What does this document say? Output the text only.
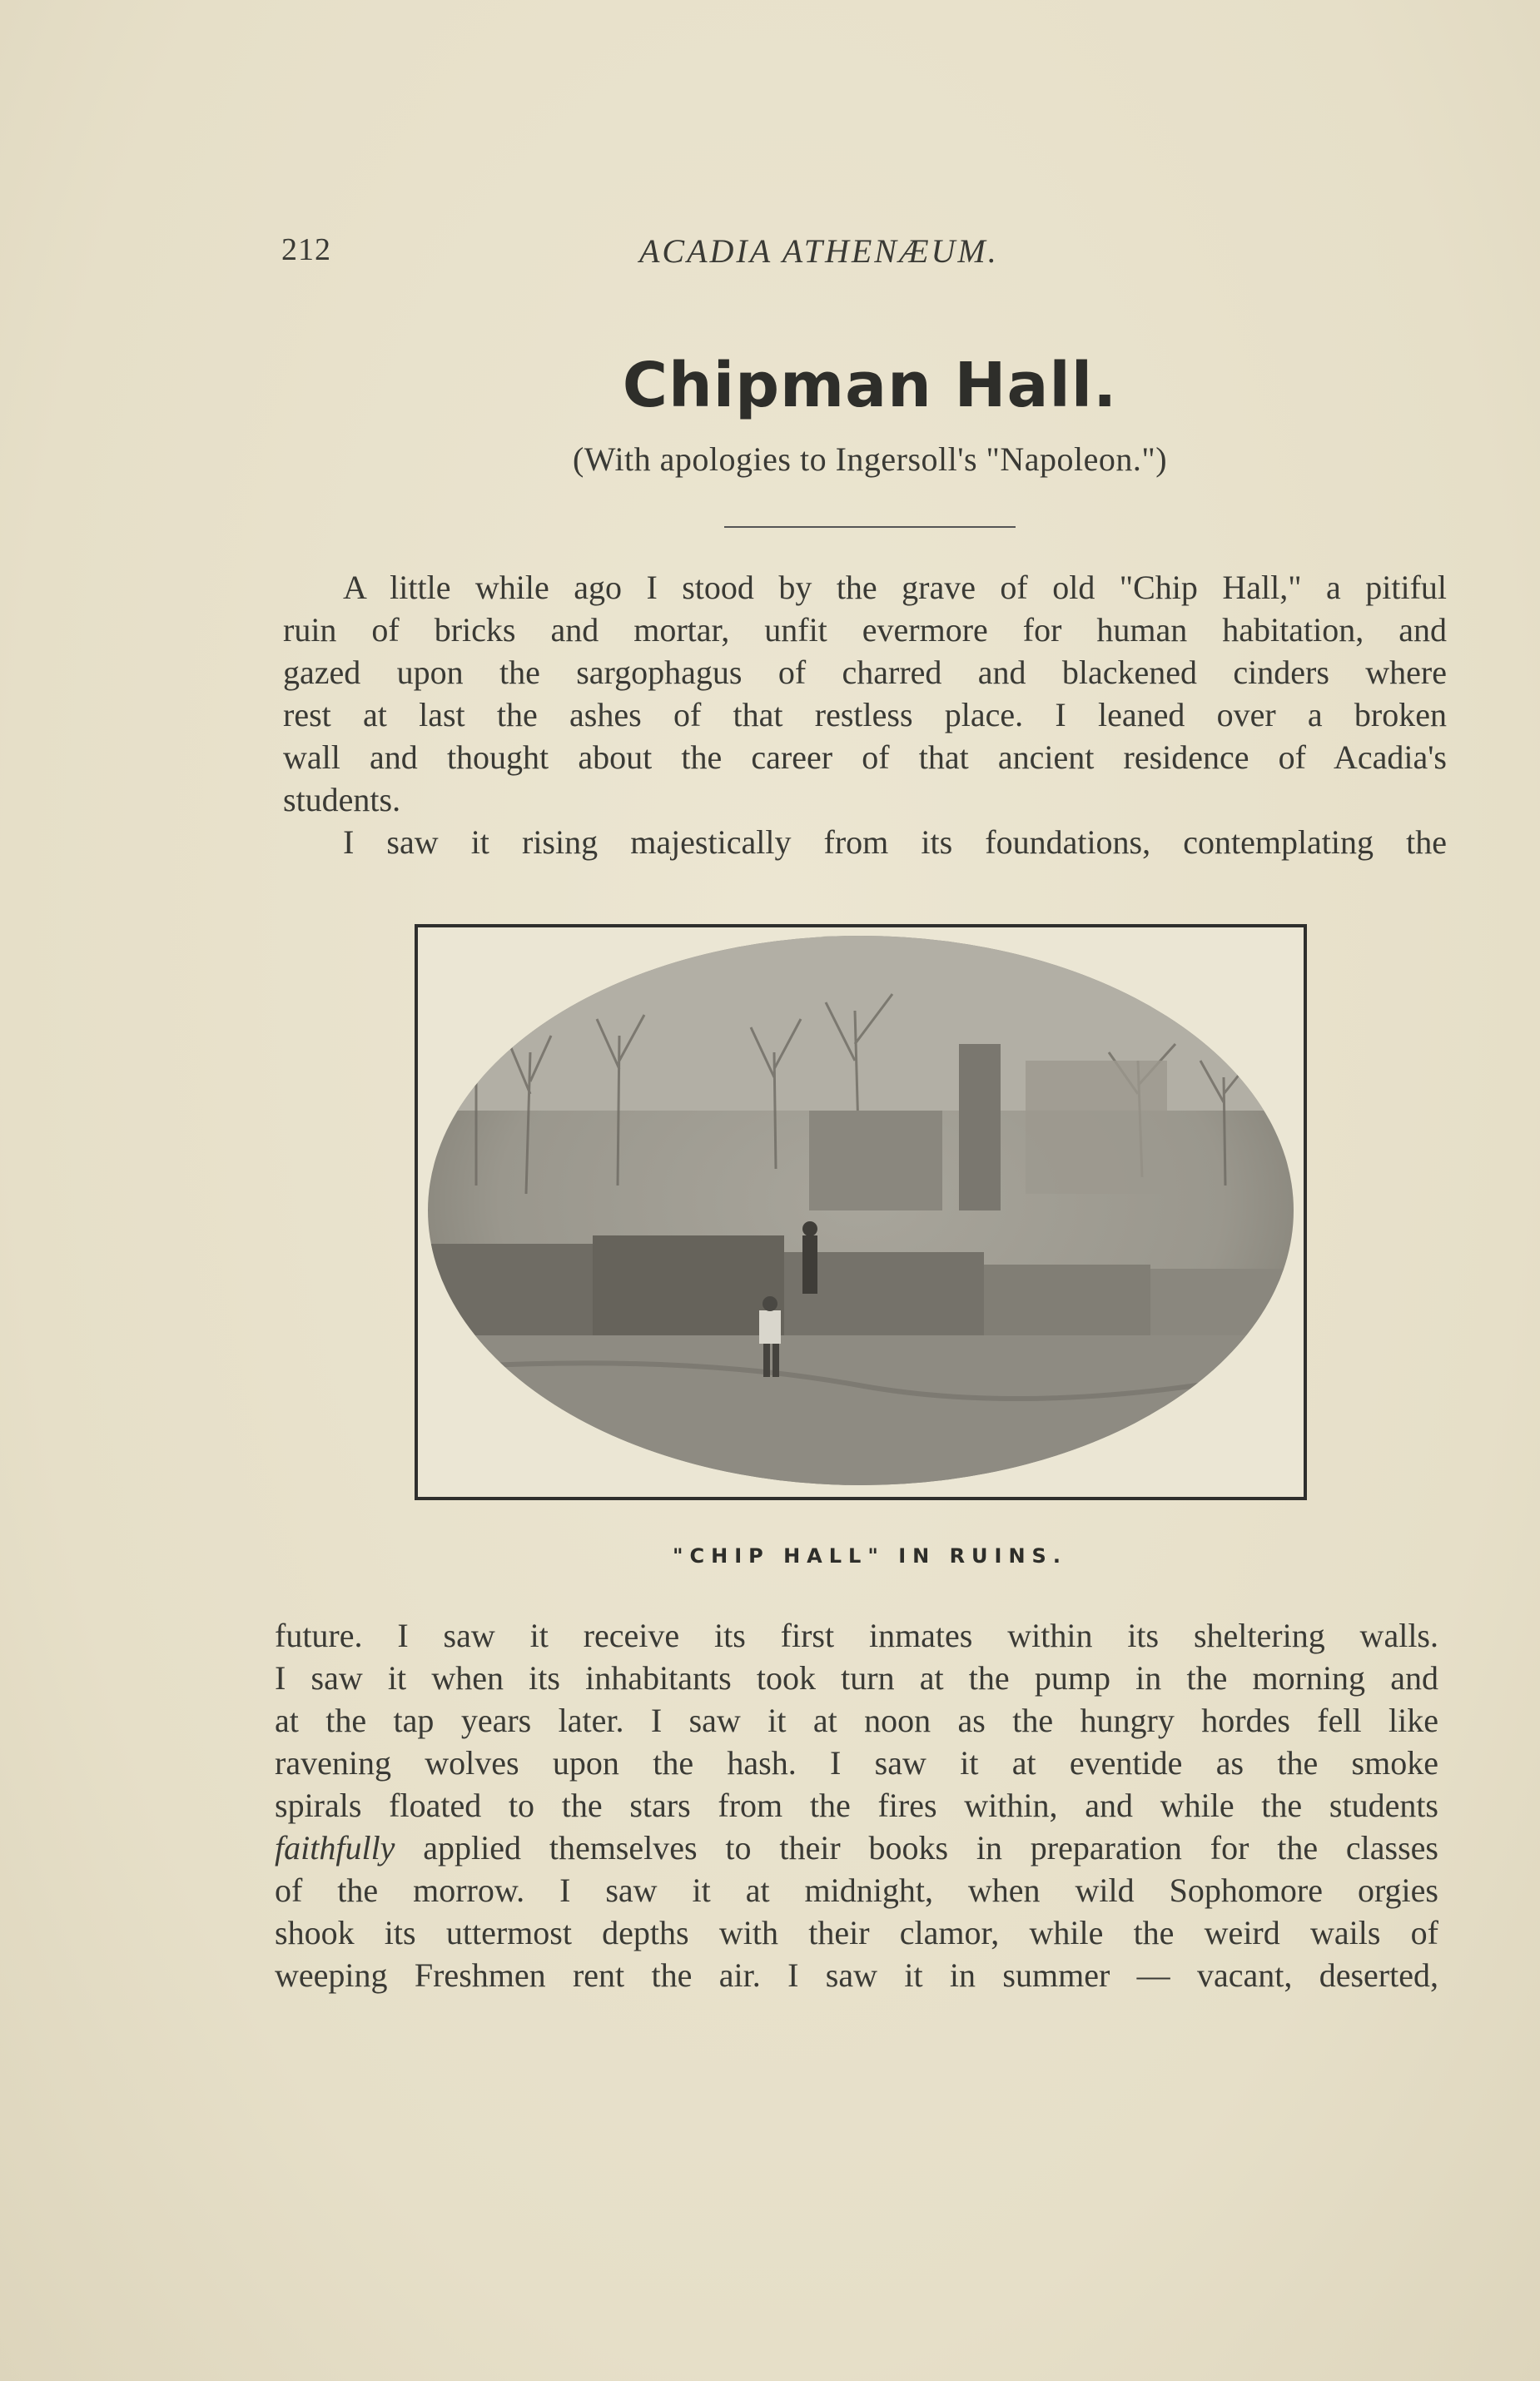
212	ACADIA ATHENÆUM.
Chipman Hall.
(With apologies to Ingersoll's "Napoleon.")
A little while ago I stood by the grave of old "Chip Hall," a pitiful
ruin of bricks and mortar, unfit evermore for human habitation, and
gazed upon the sargophagus of charred and blackened cinders where
rest at last the ashes of that restless place. I leaned over a broken
wall and thought about the career of that ancient residence of Acadia's
students.
I saw it rising majestically from its foundations, contemplating the
"CHIP HALL" IN RUINS.
future. I saw it receive its first inmates within its sheltering walls.
I saw it when its inhabitants took turn at the pump in the morning and
at the tap years later. I saw it at noon as the hungry hordes fell like
ravening wolves upon the hash. I saw it at eventide as the smoke
spirals floated to the stars from the fires within, and while the students
faithfully applied themselves to their books in preparation for the classes
of the morrow. I saw it at midnight, when wild Sophomore orgies
shook its uttermost depths with their clamor, while the weird wails of
weeping Freshmen rent the air. I saw it in summer — vacant, deserted,
